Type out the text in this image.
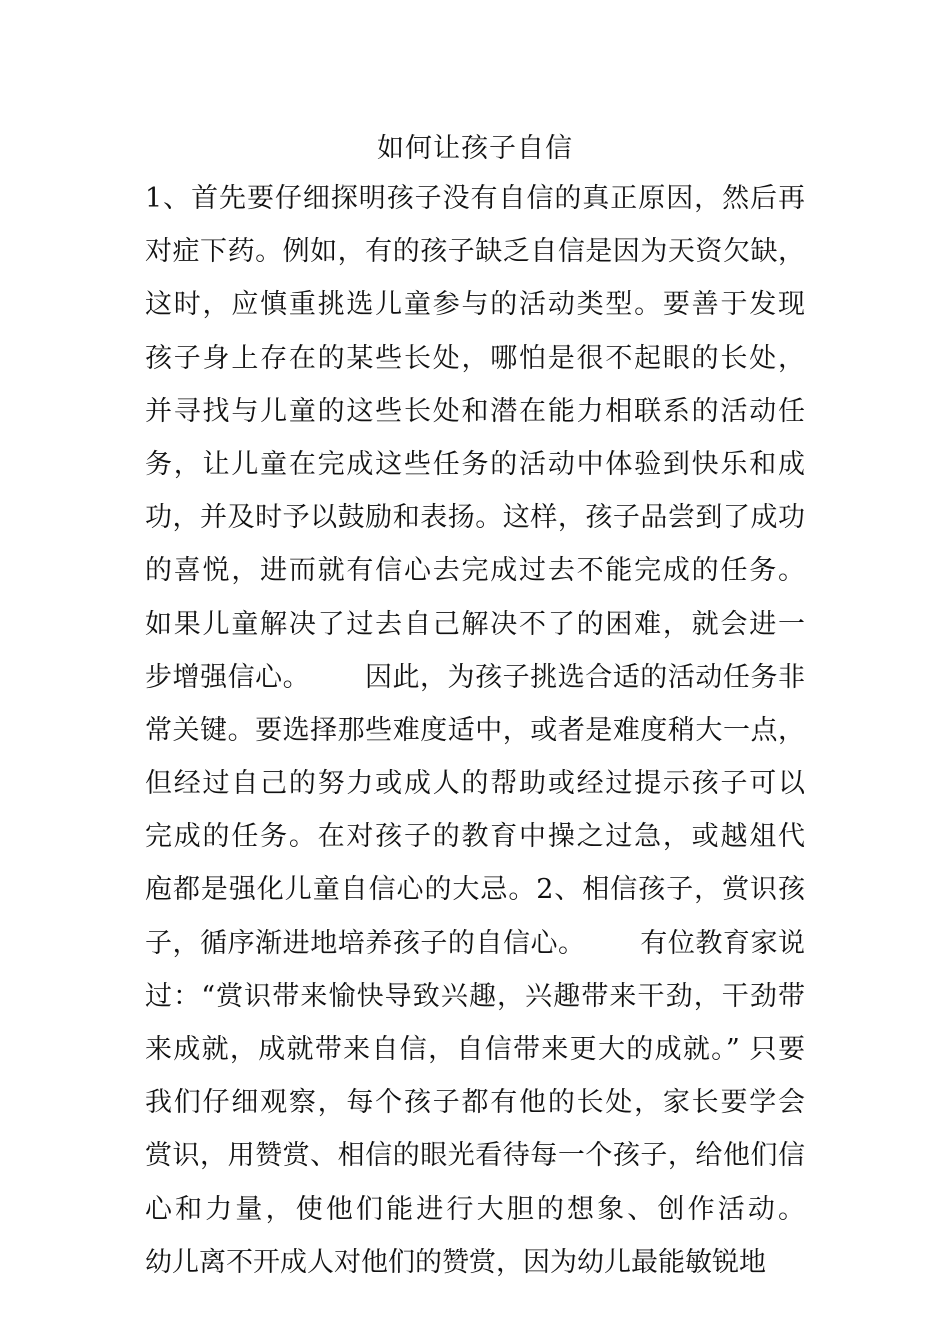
如何让孩子自信
1、首先要仔细探明孩子没有自信的真正原因，然后再
对症下药。例如，有的孩子缺乏自信是因为天资欠缺，
这时，应慎重挑选儿童参与的活动类型。要善于发现
孩子身上存在的某些长处，哪怕是很不起眼的长处，
并寻找与儿童的这些长处和潜在能力相联系的活动任
务，让儿童在完成这些任务的活动中体验到快乐和成
功，并及时予以鼓励和表扬。这样，孩子品尝到了成功
的喜悦，进而就有信心去完成过去不能完成的任务。
如果儿童解决了过去自己解决不了的困难，就会进一
步增强信心。      因此，为孩子挑选合适的活动任务非
常关键。要选择那些难度适中，或者是难度稍大一点，
但经过自己的努力或成人的帮助或经过提示孩子可以
完成的任务。在对孩子的教育中操之过急，或越俎代
庖都是强化儿童自信心的大忌。2、相信孩子，赏识孩
子，循序渐进地培养孩子的自信心。      有位教育家说
过：“赏识带来愉快导致兴趣，兴趣带来干劲，干劲带
来成就，成就带来自信，自信带来更大的成就。” 只要
我们仔细观察，每个孩子都有他的长处，家长要学会
赏识，用赞赏、相信的眼光看待每一个孩子，给他们信
心和力量，使他们能进行大胆的想象、创作活动。
幼儿离不开成人对他们的赞赏，因为幼儿最能敏锐地
